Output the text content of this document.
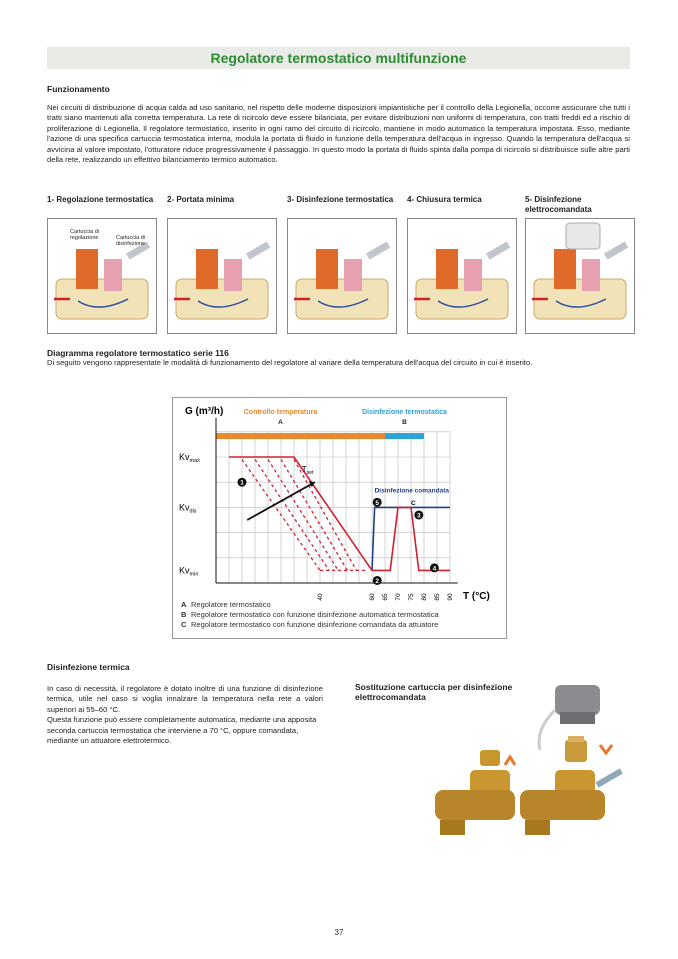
Regolatore termostatico multifunzione
Funzionamento
Nei circuiti di distribuzione di acqua calda ad uso sanitario, nel rispetto delle moderne disposizioni impiantistiche per il controllo della Legionella, occorre assicurare che tutti i tratti siano mantenuti alla corretta temperatura. La rete di ricircolo deve essere bilanciata, per evitare distribuzioni non uniformi di temperatura, con tratti freddi ed a rischio di proliferazione di Legionella. Il regolatore termostatico, inserito in ogni ramo del circuito di ricircolo, mantiene in modo automatico la temperatura impostata. Esso, mediante l'azione di una specifica cartuccia termostatica interna, modula la portata di fluido in funzione della temperatura dell'acqua in ingresso. Quando la temperatura dell'acqua si avvicina al valore impostato, l'otturatore riduce progressivamente il passaggio. In questo modo la portata di fluido spinta dalla pompa di ricircolo si distribuisce sulle altre parti della rete, realizzando un effettivo bilanciamento termico automatico.
1- Regolazione termostatica	2- Portata minima	3- Disinfezione termostatica	4- Chiusura termica	5- Disinfezione elettrocomandata
Cartuccia di regolazione	Cartuccia di disinfezione
Diagramma regolatore termostatico serie 116
Di seguito vengono rappresentate le modalità di funzionamento del regolatore al variare della temperatura dell'acqua del circuito in cui è inserito.
Controllo temperatura
A
Disinfezione termostatica
B
G (m³/h)
T (°C)
$Kv_{max}$
$Kv_{dis}$
$Kv_{min}$
40	60 65 70 75 80 85 90
$T_{set}$
Disinfezione comandata
C
1
2
3
4
5
A Regolatore termostatico
B Regolatore termostatico con funzione disinfezione automatica termostatica
C Regolatore termostatico con funzione disinfezione comandata da attuatore
Disinfezione termica
In caso di necessità, il regolatore è dotato inoltre di una funzione di disinfezione termica, utile nel caso si voglia innalzare la temperatura nella rete a valori superiori ai 55–60 °C.
Questa funzione può essere completamente automatica, mediante una apposita seconda cartuccia termostatica che interviene a 70 °C, oppure comandata, mediante un attuatore elettrotermico.
Sostituzione cartuccia per disinfezione elettrocomandata
37
